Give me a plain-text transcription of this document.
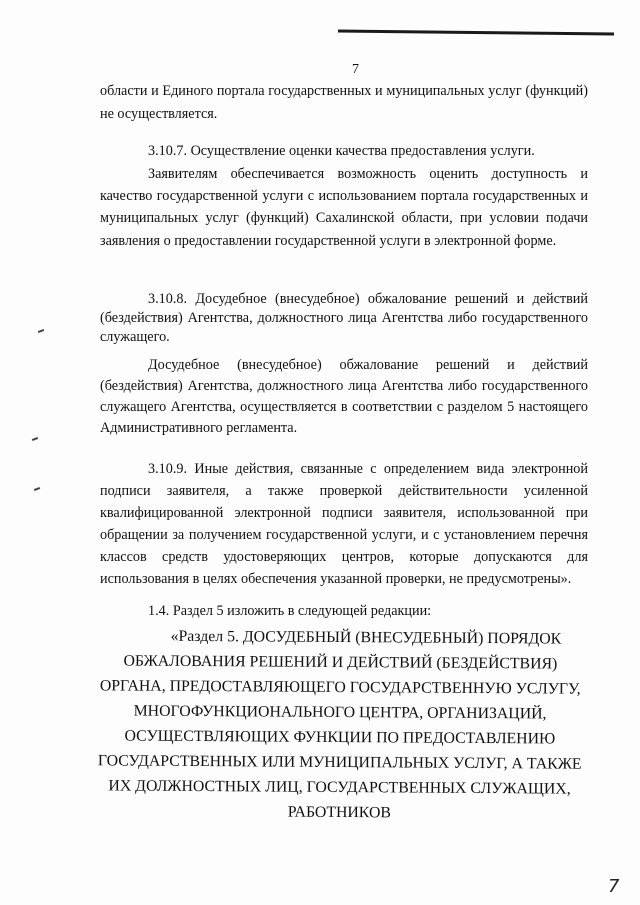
7
области и Единого портала государственных и муниципальных услуг (функций) не осуществляется.
3.10.7. Осуществление оценки качества предоставления услуги.
Заявителям обеспечивается возможность оценить доступность и качество государственной услуги с использованием портала государственных и муниципальных услуг (функций) Сахалинской области, при условии подачи заявления о предоставлении государственной услуги в электронной форме.
3.10.8. Досудебное (внесудебное) обжалование решений и действий (бездействия) Агентства, должностного лица Агентства либо государственного служащего.
Досудебное (внесудебное) обжалование решений и действий (бездействия) Агентства, должностного лица Агентства либо государственного служащего Агентства, осуществляется в соответствии с разделом 5 настоящего Административного регламента.
3.10.9. Иные действия, связанные с определением вида электронной подписи заявителя, а также проверкой действительности усиленной квалифицированной электронной подписи заявителя, использованной при обращении за получением государственной услуги, и с установлением перечня классов средств удостоверяющих центров, которые допускаются для использования в целях обеспечения указанной проверки, не предусмотрены».
1.4. Раздел 5 изложить в следующей редакции:
«Раздел 5. ДОСУДЕБНЫЙ (ВНЕСУДЕБНЫЙ) ПОРЯДОК
ОБЖАЛОВАНИЯ РЕШЕНИЙ И ДЕЙСТВИЙ (БЕЗДЕЙСТВИЯ) ОРГАНА, ПРЕДОСТАВЛЯЮЩЕГО ГОСУДАРСТВЕННУЮ УСЛУГУ, МНОГОФУНКЦИОНАЛЬНОГО ЦЕНТРА, ОРГАНИЗАЦИЙ, ОСУЩЕСТВЛЯЮЩИХ ФУНКЦИИ ПО ПРЕДОСТАВЛЕНИЮ ГОСУДАРСТВЕННЫХ ИЛИ МУНИЦИПАЛЬНЫХ УСЛУГ, А ТАКЖЕ ИХ ДОЛЖНОСТНЫХ ЛИЦ, ГОСУДАРСТВЕННЫХ СЛУЖАЩИХ, РАБОТНИКОВ
7
